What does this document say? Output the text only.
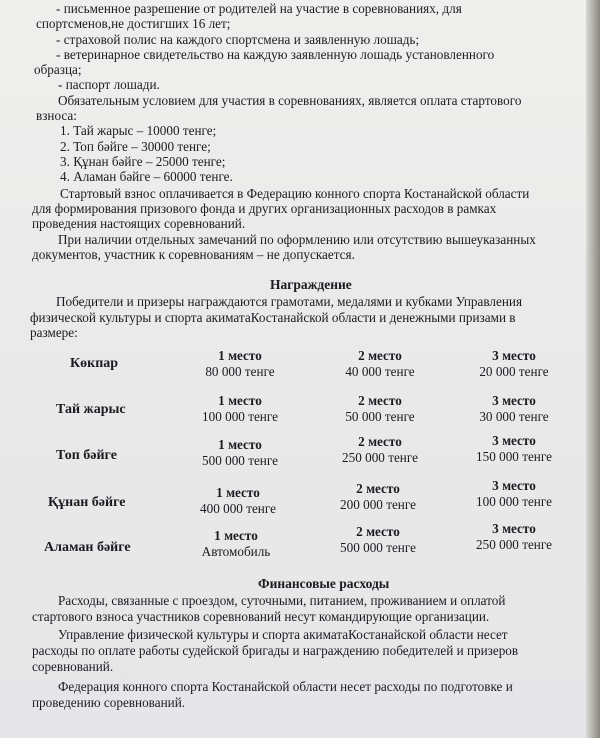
- письменное разрешение от родителей на участие в соревнованиях, для
спортсменов,не достигших 16 лет;
- страховой полис на каждого спортсмена и заявленную лошадь;
- ветеринарное свидетельство на каждую заявленную лошадь установленного
образца;
- паспорт лошади.
Обязательным условием для участия в соревнованиях, является оплата стартового
взноса:
1. Тай жарыс – 10000 тенге;
2. Топ бәйге – 30000 тенге;
3. Құнан бәйге – 25000 тенге;
4. Аламан бәйге – 60000 тенге.
Стартовый взнос оплачивается в Федерацию конного спорта Костанайской области
для формирования призового фонда и других организационных расходов в рамках
проведения настоящих соревнований.
При наличии отдельных замечаний по оформлению или отсутствию вышеуказанных
документов, участник к соревнованиям – не допускается.
Награждение
Победители и призеры награждаются грамотами, медалями и кубками Управления
физической культуры и спорта акиматаКостанайской области и денежными призами в
размере:
Көкпар
1 место
80 000 тенге
2 место
40 000 тенге
3 место
20 000 тенге
Тай жарыс
1 место
100 000 тенге
2 место
50 000 тенге
3 место
30 000 тенге
Топ бәйге
1 место
500 000 тенге
2 место
250 000 тенге
3 место
150 000 тенге
Құнан бәйге
1 место
400 000 тенге
2 место
200 000 тенге
3 место
100 000 тенге
Аламан бәйге
1 место
Автомобиль
2 место
500 000 тенге
3 место
250 000 тенге
Финансовые расходы
Расходы, связанные с проездом, суточными, питанием, проживанием и оплатой
стартового взноса участников соревнований несут командирующие организации.
Управление физической культуры и спорта акиматаКостанайской области несет
расходы по оплате работы судейской бригады и награждению победителей и призеров
соревнований.
Федерация конного спорта Костанайской области несет расходы по подготовке и
проведению соревнований.
